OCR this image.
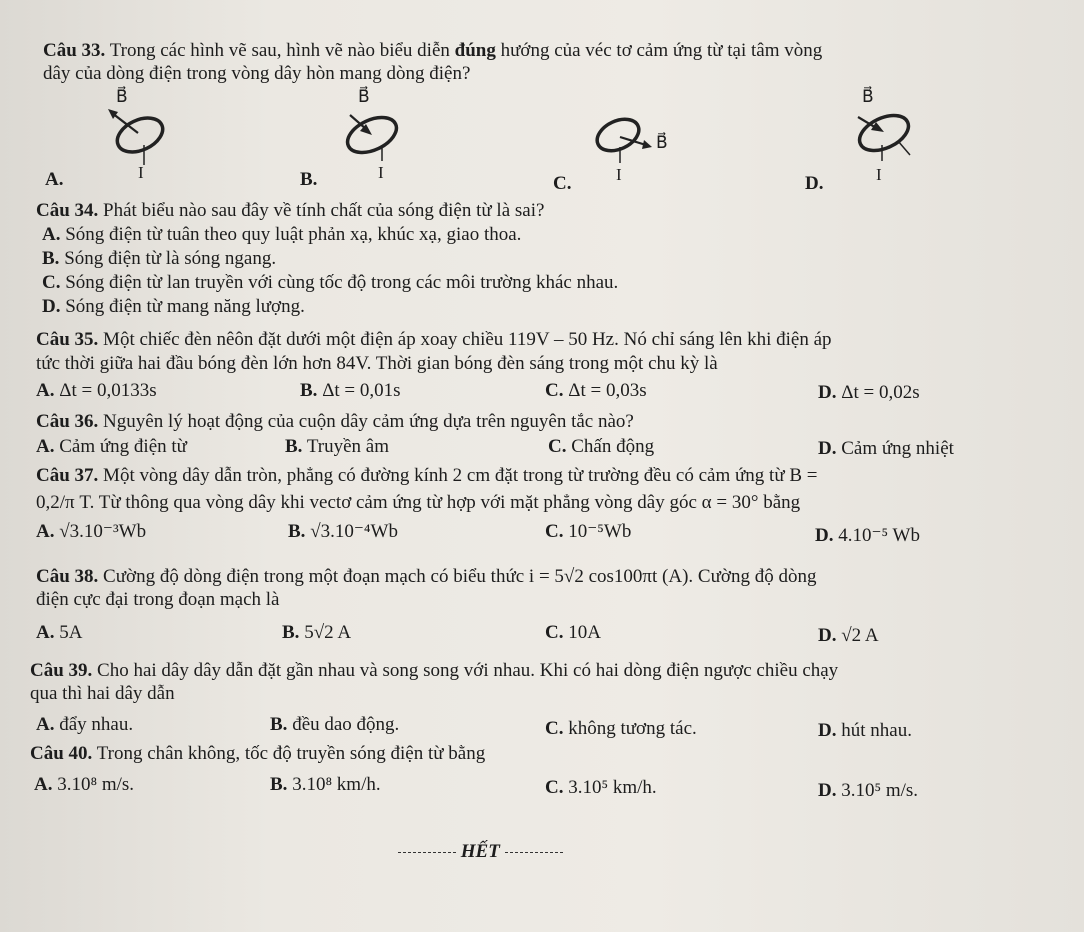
Câu 33. Trong các hình vẽ sau, hình vẽ nào biểu diễn đúng hướng của véc tơ cảm ứng từ tại tâm vòng
dây của dòng điện trong vòng dây hòn mang dòng điện?
B⃗
I
A.
B⃗
I
B.
B⃗
I
C.
B⃗
I
D.
Câu 34. Phát biểu nào sau đây về tính chất của sóng điện từ là sai?
A. Sóng điện từ tuân theo quy luật phản xạ, khúc xạ, giao thoa.
B. Sóng điện từ là sóng ngang.
C. Sóng điện từ lan truyền với cùng tốc độ trong các môi trường khác nhau.
D. Sóng điện từ mang năng lượng.
Câu 35. Một chiếc đèn nêôn đặt dưới một điện áp xoay chiều 119V – 50 Hz. Nó chỉ sáng lên khi điện áp
tức thời giữa hai đầu bóng đèn lớn hơn 84V. Thời gian bóng đèn sáng trong một chu kỳ là
A. Δt = 0,0133s	B. Δt = 0,01s	C. Δt = 0,03s	D. Δt = 0,02s
Câu 36. Nguyên lý hoạt động của cuộn dây cảm ứng dựa trên nguyên tắc nào?
A. Cảm ứng điện từ	B. Truyền âm	C. Chấn động	D. Cảm ứng nhiệt
Câu 37. Một vòng dây dẫn tròn, phẳng có đường kính 2 cm đặt trong từ trường đều có cảm ứng từ B =
0,2/π T. Từ thông qua vòng dây khi vectơ cảm ứng từ hợp với mặt phẳng vòng dây góc α = 30° bằng
A. √3.10⁻³Wb	B. √3.10⁻⁴Wb	C. 10⁻⁵Wb	D. 4.10⁻⁵ Wb
Câu 38. Cường độ dòng điện trong một đoạn mạch có biểu thức i = 5√2 cos100πt (A). Cường độ dòng
điện cực đại trong đoạn mạch là
A. 5A	B. 5√2 A	C. 10A	D. √2 A
Câu 39. Cho hai dây dây dẫn đặt gần nhau và song song với nhau. Khi có hai dòng điện ngược chiều chạy
qua thì hai dây dẫn
A. đẩy nhau.	B. đều dao động.	C. không tương tác.	D. hút nhau.
Câu 40. Trong chân không, tốc độ truyền sóng điện từ bằng
A. 3.10⁸ m/s.	B. 3.10⁸ km/h.	C. 3.10⁵ km/h.	D. 3.10⁵ m/s.
HẾT
